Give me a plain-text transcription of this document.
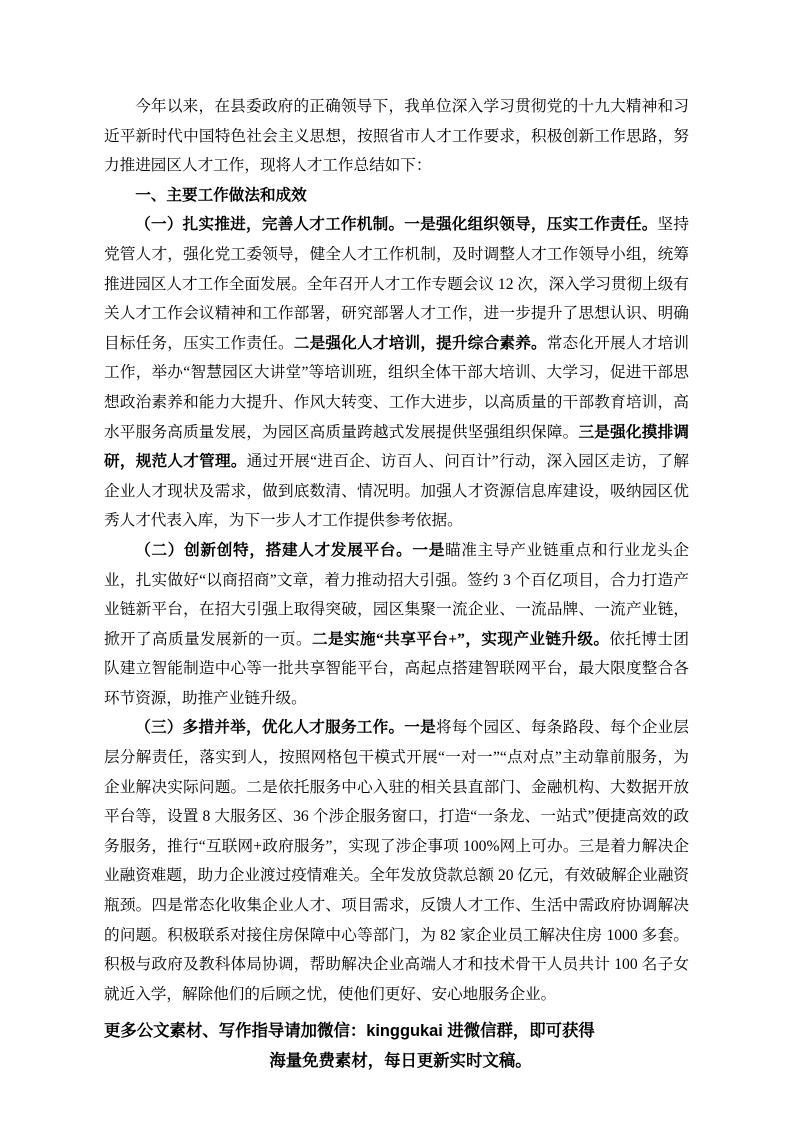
今年以来，在县委政府的正确领导下，我单位深入学习贯彻党的十九大精神和习近平新时代中国特色社会主义思想，按照省市人才工作要求，积极创新工作思路，努力推进园区人才工作，现将人才工作总结如下：

一、主要工作做法和成效

（一）扎实推进，完善人才工作机制。一是强化组织领导，压实工作责任。坚持党管人才，强化党工委领导，健全人才工作机制，及时调整人才工作领导小组，统筹推进园区人才工作全面发展。全年召开人才工作专题会议 12 次，深入学习贯彻上级有关人才工作会议精神和工作部署，研究部署人才工作，进一步提升了思想认识、明确目标任务，压实工作责任。二是强化人才培训，提升综合素养。常态化开展人才培训工作，举办“智慧园区大讲堂”等培训班，组织全体干部大培训、大学习，促进干部思想政治素养和能力大提升、作风大转变、工作大进步，以高质量的干部教育培训，高水平服务高质量发展，为园区高质量跨越式发展提供坚强组织保障。三是强化摸排调研，规范人才管理。通过开展“进百企、访百人、问百计”行动，深入园区走访，了解企业人才现状及需求，做到底数清、情况明。加强人才资源信息库建设，吸纳园区优秀人才代表入库，为下一步人才工作提供参考依据。

（二）创新创特，搭建人才发展平台。一是瞄准主导产业链重点和行业龙头企业，扎实做好“以商招商”文章，着力推动招大引强。签约 3 个百亿项目，合力打造产业链新平台，在招大引强上取得突破，园区集聚一流企业、一流品牌、一流产业链，掀开了高质量发展新的一页。二是实施“共享平台+”，实现产业链升级。依托博士团队建立智能制造中心等一批共享智能平台，高起点搭建智联网平台，最大限度整合各环节资源，助推产业链升级。

（三）多措并举，优化人才服务工作。一是将每个园区、每条路段、每个企业层层分解责任，落实到人，按照网格包干模式开展“一对一”“点对点”主动靠前服务，为企业解决实际问题。二是依托服务中心入驻的相关县直部门、金融机构、大数据开放平台等，设置 8 大服务区、36 个涉企服务窗口，打造“一条龙、一站式”便捷高效的政务服务，推行“互联网+政府服务”，实现了涉企事项 100%网上可办。三是着力解决企业融资难题，助力企业渡过疫情难关。全年发放贷款总额 20 亿元，有效破解企业融资瓶颈。四是常态化收集企业人才、项目需求，反馈人才工作、生活中需政府协调解决的问题。积极联系对接住房保障中心等部门，为 82 家企业员工解决住房 1000 多套。积极与政府及教科体局协调，帮助解决企业高端人才和技术骨干人员共计 100 名子女就近入学，解除他们的后顾之忧，使他们更好、安心地服务企业。

更多公文素材、写作指导请加微信：kinggukai 进微信群，即可获得
海量免费素材，每日更新实时文稿。
